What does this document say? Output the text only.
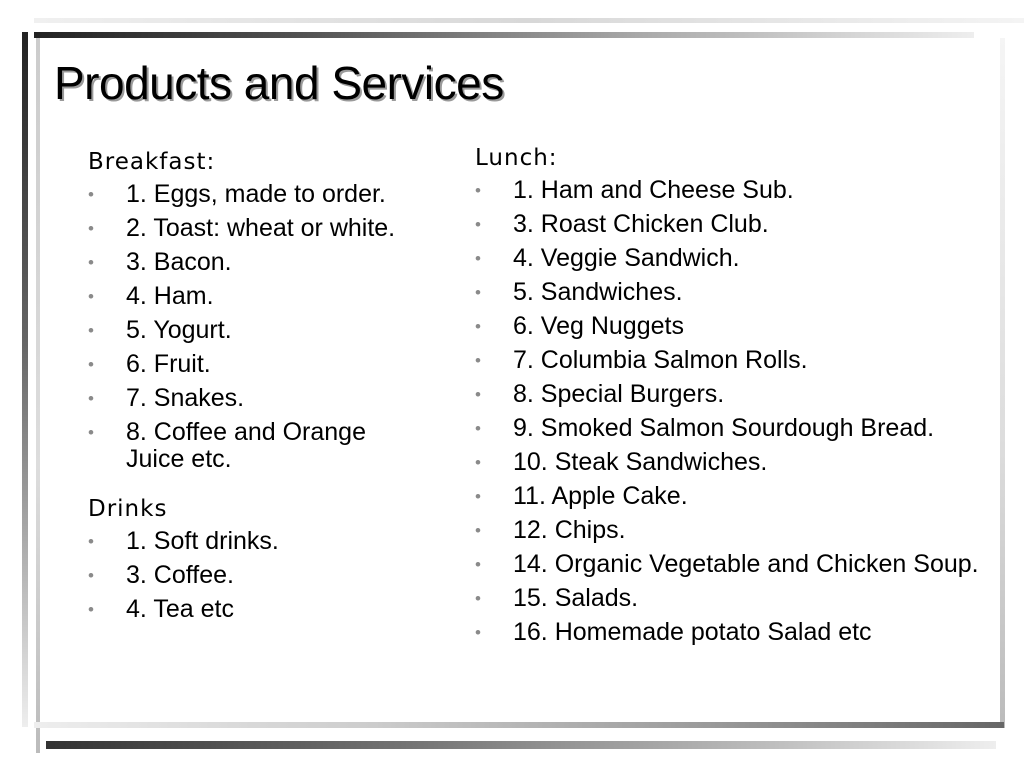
Products and Services
Breakfast:
• 1. Eggs, made to order.
• 2. Toast: wheat or white.
• 3. Bacon.
• 4. Ham.
• 5. Yogurt.
• 6. Fruit.
• 7. Snakes.
• 8. Coffee and Orange Juice etc.
Drinks
• 1. Soft drinks.
• 3. Coffee.
• 4. Tea etc
Lunch:
• 1. Ham and Cheese Sub.
• 3. Roast Chicken Club.
• 4. Veggie Sandwich.
• 5. Sandwiches.
• 6. Veg Nuggets
• 7. Columbia Salmon Rolls.
• 8. Special Burgers.
• 9. Smoked Salmon Sourdough Bread.
• 10. Steak Sandwiches.
• 11. Apple Cake.
• 12. Chips.
• 14. Organic Vegetable and Chicken Soup.
• 15. Salads.
• 16. Homemade potato Salad etc
